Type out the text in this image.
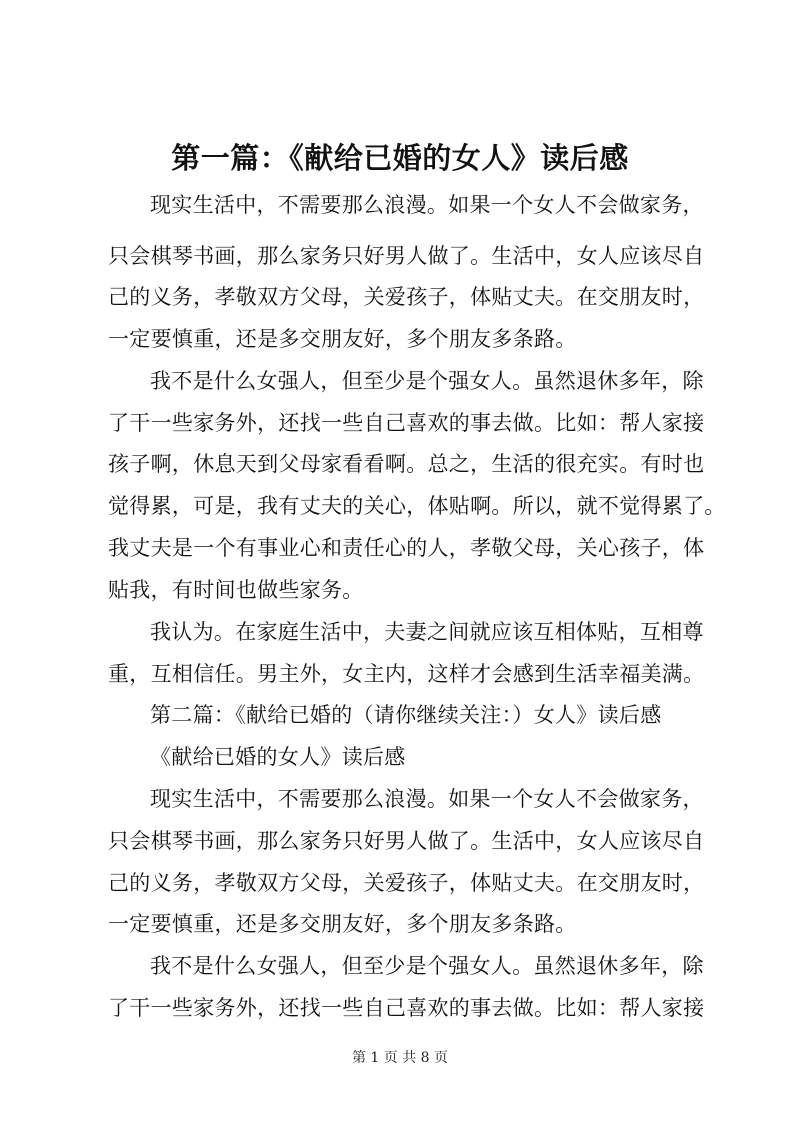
第一篇：《献给已婚的女人》读后感
现实生活中，不需要那么浪漫。如果一个女人不会做家务，
只会棋琴书画，那么家务只好男人做了。生活中，女人应该尽自
己的义务，孝敬双方父母，关爱孩子，体贴丈夫。在交朋友时，
一定要慎重，还是多交朋友好，多个朋友多条路。
我不是什么女强人，但至少是个强女人。虽然退休多年，除
了干一些家务外，还找一些自己喜欢的事去做。比如：帮人家接
孩子啊，休息天到父母家看看啊。总之，生活的很充实。有时也
觉得累，可是，我有丈夫的关心，体贴啊。所以，就不觉得累了。
我丈夫是一个有事业心和责任心的人，孝敬父母，关心孩子，体
贴我，有时间也做些家务。
我认为。在家庭生活中，夫妻之间就应该互相体贴，互相尊
重，互相信任。男主外，女主内，这样才会感到生活幸福美满。
第二篇：《献给已婚的（请你继续关注：）女人》读后感
《献给已婚的女人》读后感
现实生活中，不需要那么浪漫。如果一个女人不会做家务，
只会棋琴书画，那么家务只好男人做了。生活中，女人应该尽自
己的义务，孝敬双方父母，关爱孩子，体贴丈夫。在交朋友时，
一定要慎重，还是多交朋友好，多个朋友多条路。
我不是什么女强人，但至少是个强女人。虽然退休多年，除
了干一些家务外，还找一些自己喜欢的事去做。比如：帮人家接
第 1 页 共 8 页
